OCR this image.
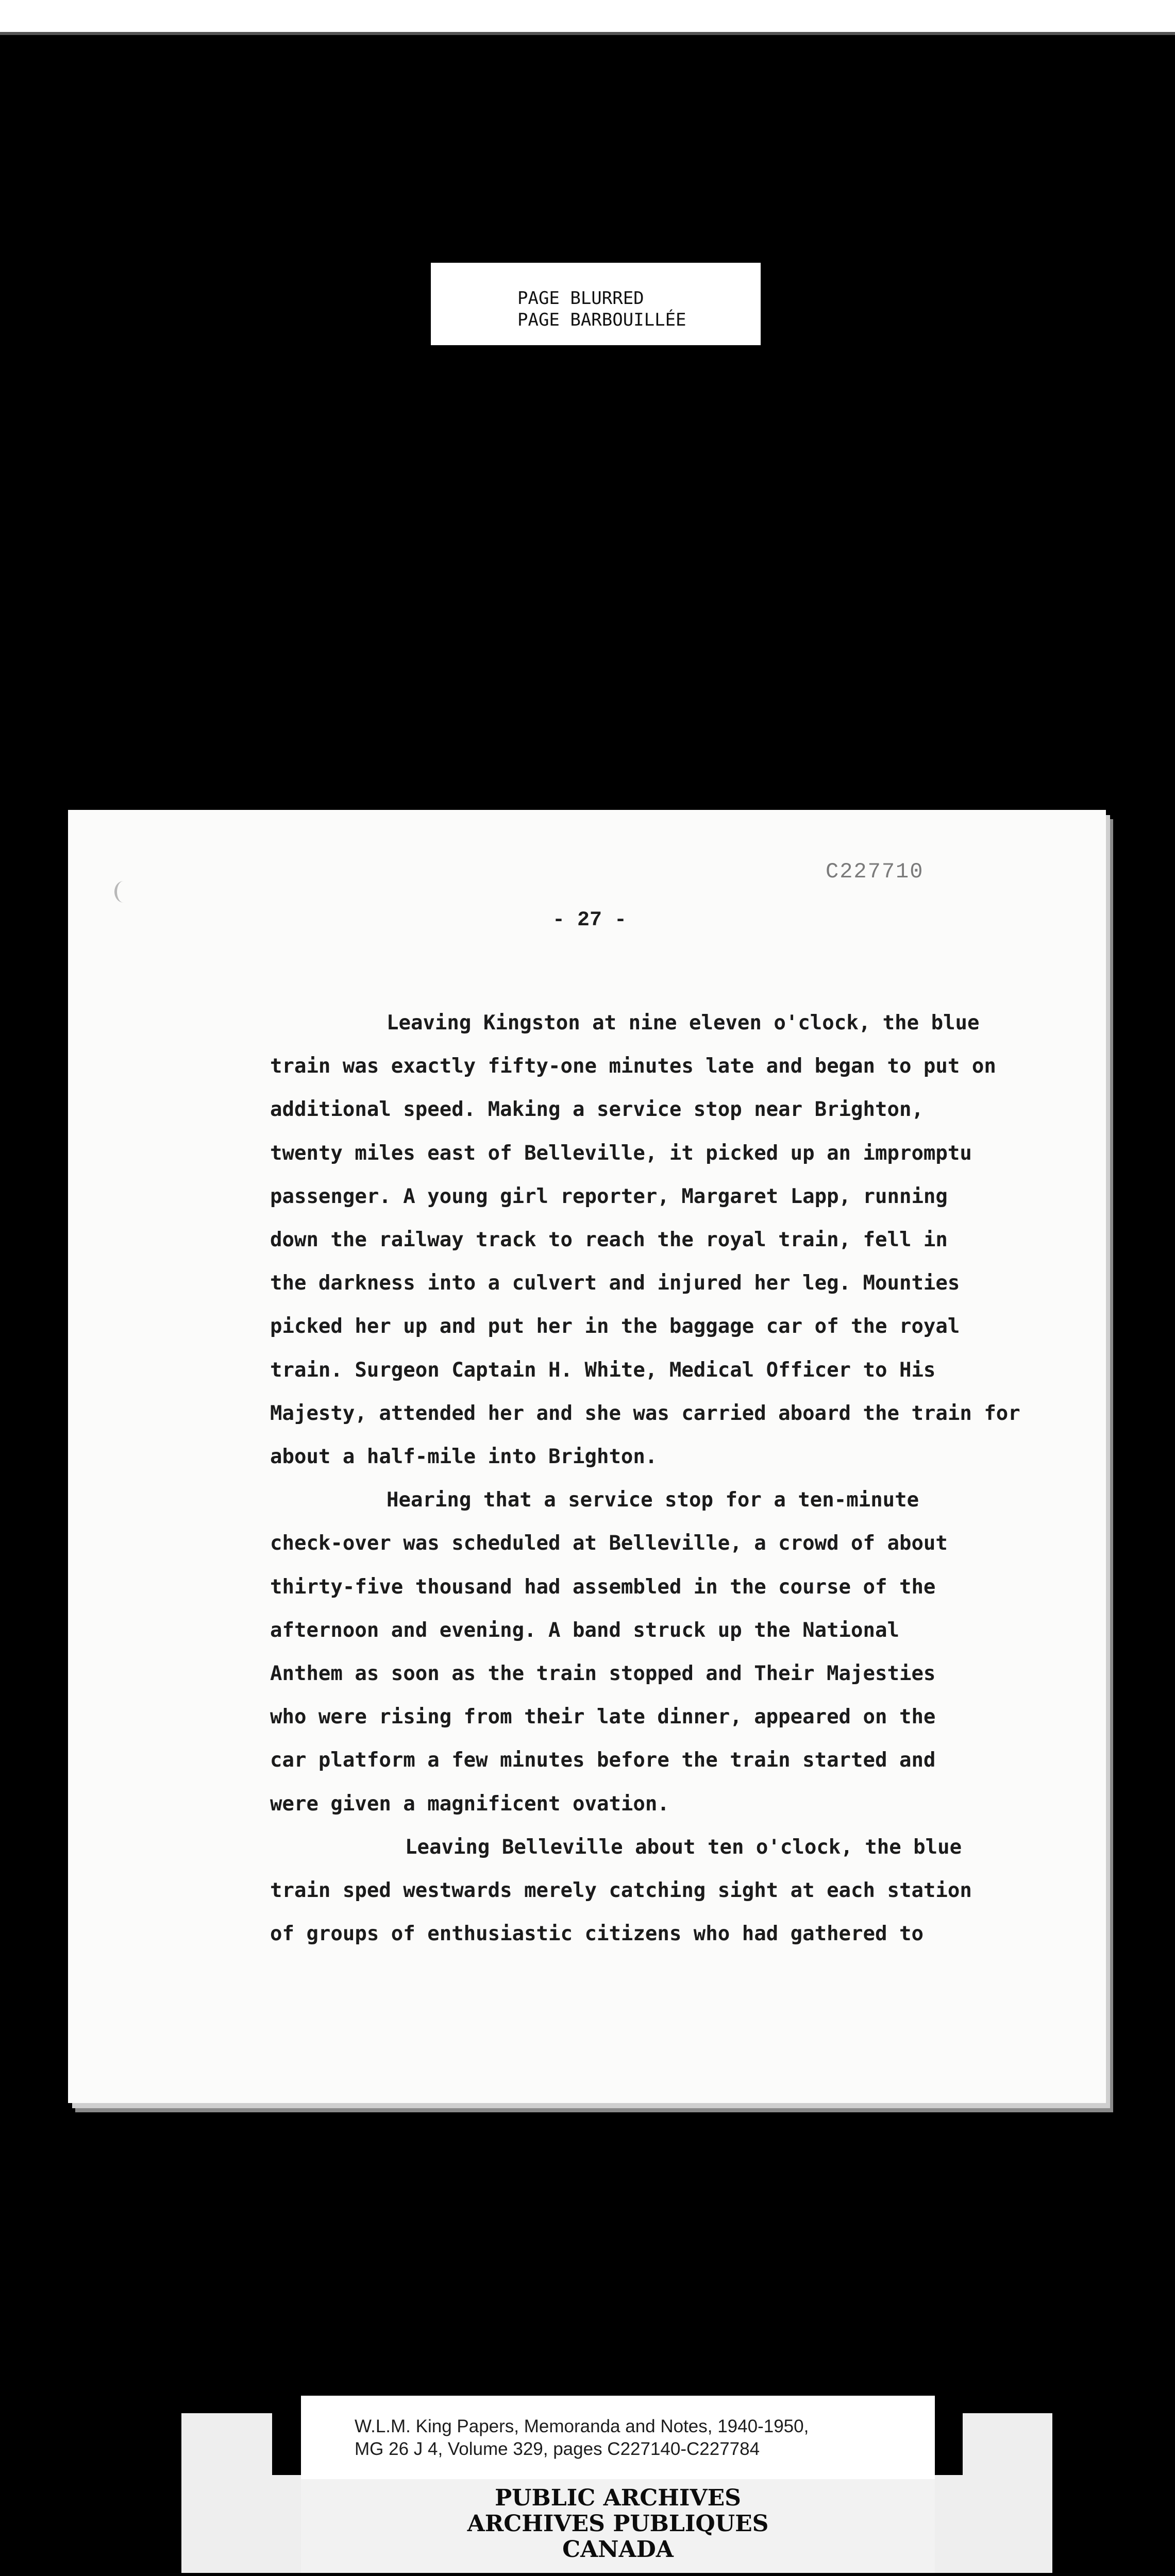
PAGE BLURRED
PAGE BARBOUILLÉE
C227710
- 27 -
Leaving Kingston at nine eleven o'clock, the blue
train was exactly fifty-one minutes late and began to put on
additional speed. Making a service stop near Brighton,
twenty miles east of Belleville, it picked up an impromptu
passenger. A young girl reporter, Margaret Lapp, running
down the railway track to reach the royal train, fell in
the darkness into a culvert and injured her leg. Mounties
picked her up and put her in the baggage car of the royal
train. Surgeon Captain H. White, Medical Officer to His
Majesty, attended her and she was carried aboard the train for
about a half-mile into Brighton.
Hearing that a service stop for a ten-minute
check-over was scheduled at Belleville, a crowd of about
thirty-five thousand had assembled in the course of the
afternoon and evening. A band struck up the National
Anthem as soon as the train stopped and Their Majesties
who were rising from their late dinner, appeared on the
car platform a few minutes before the train started and
were given a magnificent ovation.
Leaving Belleville about ten o'clock, the blue
train sped westwards merely catching sight at each station
of groups of enthusiastic citizens who had gathered to
W.L.M. King Papers, Memoranda and Notes, 1940-1950,
MG 26 J 4, Volume 329, pages C227140-C227784
PUBLIC ARCHIVES
ARCHIVES PUBLIQUES
CANADA
